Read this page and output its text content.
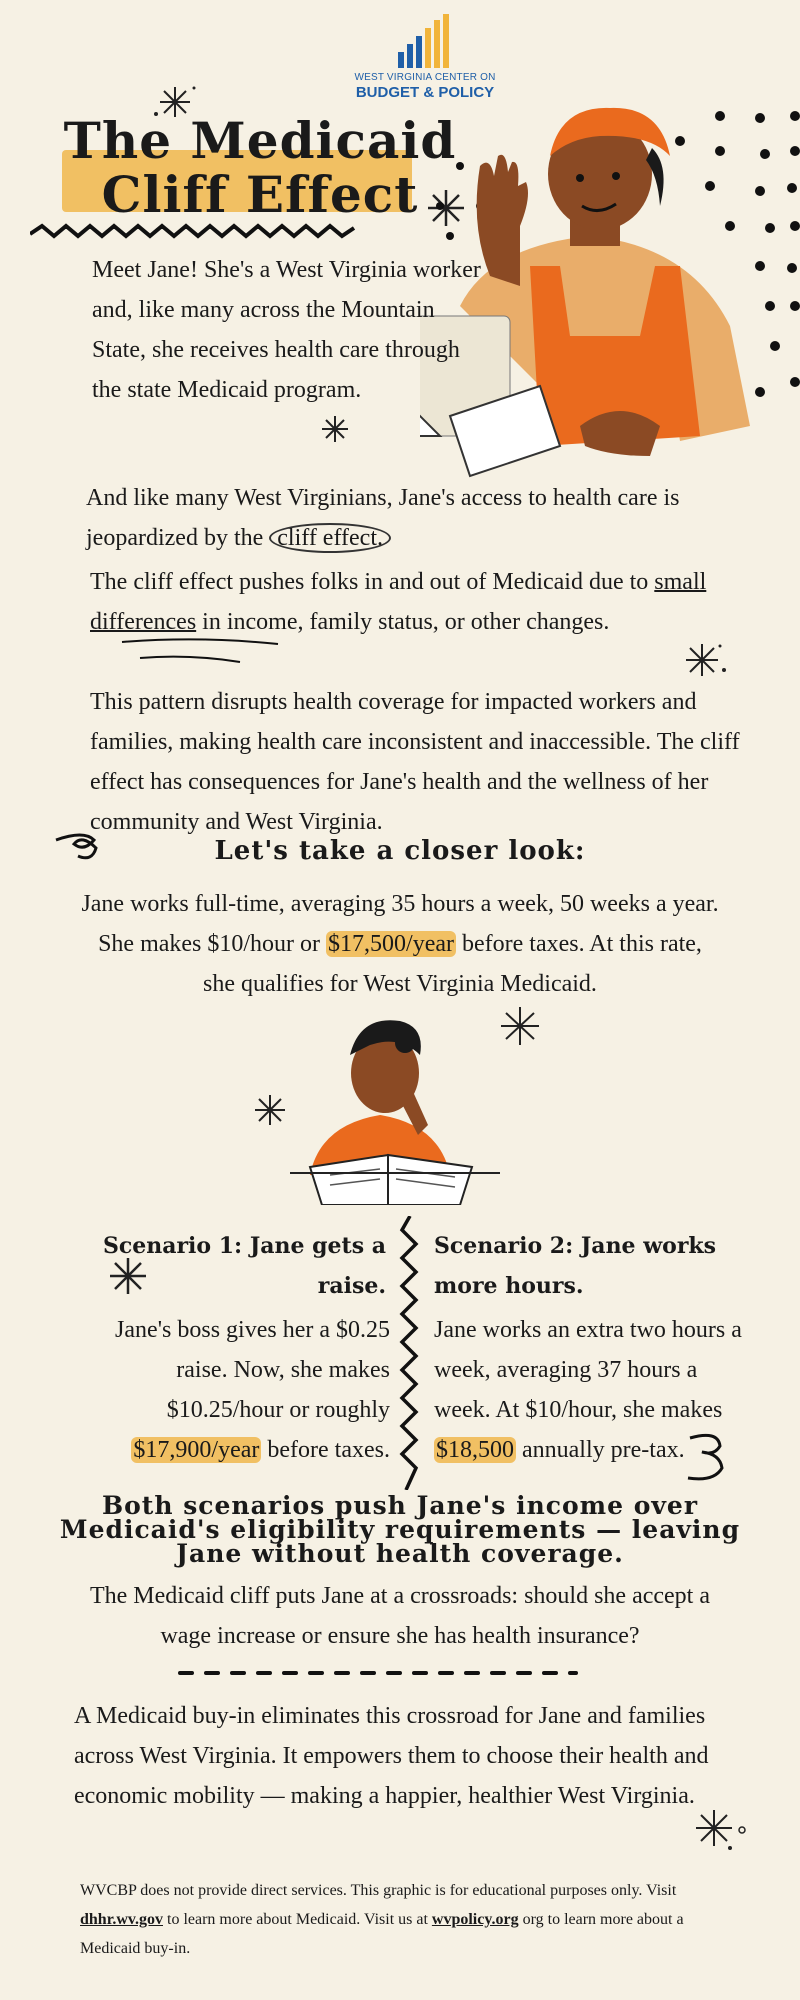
WEST VIRGINIA CENTER ON
BUDGET & POLICY
The Medicaid
Cliff Effect
Meet Jane! She's a West Virginia worker and, like many across the Mountain State, she receives health care through the state Medicaid program.
And like many West Virginians, Jane's access to health care is jeopardized by the cliff effect.
The cliff effect pushes folks in and out of Medicaid due to small differences in income, family status, or other changes.
This pattern disrupts health coverage for impacted workers and families, making health care inconsistent and inaccessible. The cliff effect has consequences for Jane's health and the wellness of her community and West Virginia.
Let's take a closer look:
Jane works full-time, averaging 35 hours a week, 50 weeks a year. She makes $10/hour or $17,500/year before taxes. At this rate, she qualifies for West Virginia Medicaid.
Scenario 1: Jane gets a raise.
Jane's boss gives her a $0.25 raise. Now, she makes $10.25/hour or roughly $17,900/year before taxes.
Scenario 2: Jane works more hours.
Jane works an extra two hours a week, averaging 37 hours a week. At $10/hour, she makes $18,500 annually pre-tax.
Both scenarios push Jane's income over
Medicaid's eligibility requirements — leaving
Jane without health coverage.
The Medicaid cliff puts Jane at a crossroads: should she accept a wage increase or ensure she has health insurance?
A Medicaid buy-in eliminates this crossroad for Jane and families across West Virginia. It empowers them to choose their health and economic mobility — making a happier, healthier West Virginia.
WVCBP does not provide direct services. This graphic is for educational purposes only. Visit dhhr.wv.gov to learn more about Medicaid. Visit us at wvpolicy.org org to learn more about a Medicaid buy-in.
